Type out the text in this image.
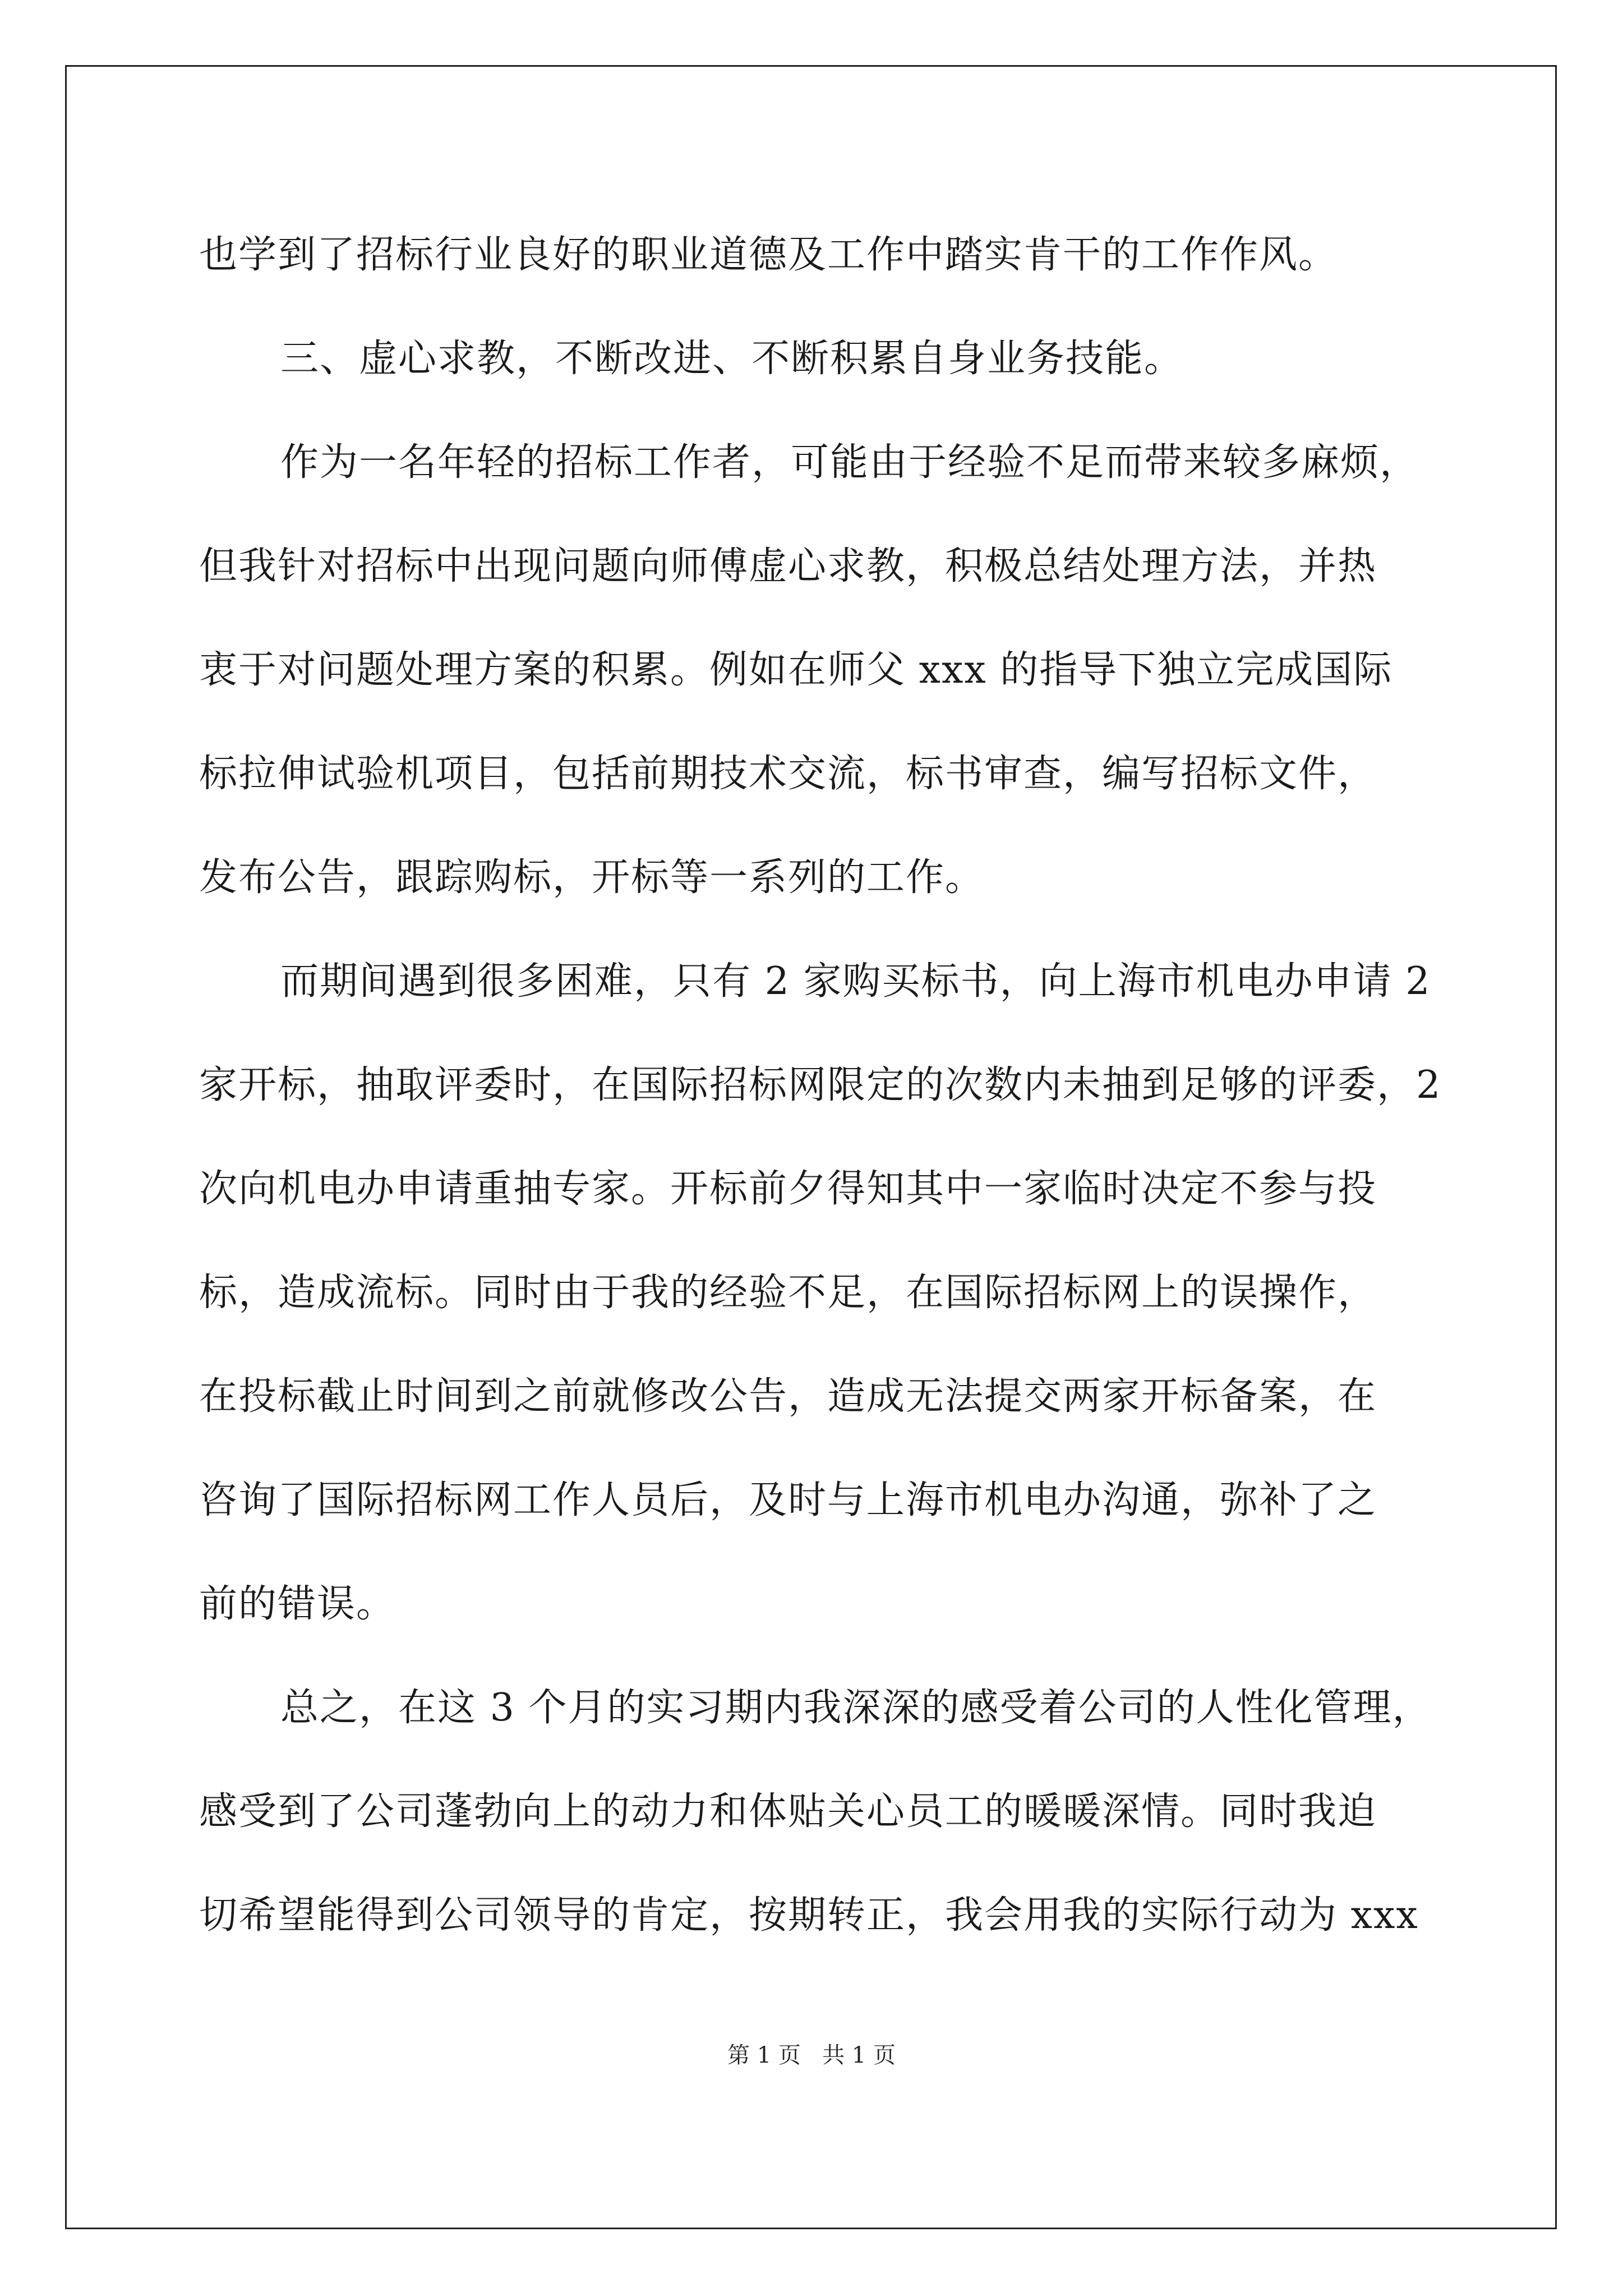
也学到了招标行业良好的职业道德及工作中踏实肯干的工作作风。
三、虚心求教，不断改进、不断积累自身业务技能。
作为一名年轻的招标工作者，可能由于经验不足而带来较多麻烦，
但我针对招标中出现问题向师傅虚心求教，积极总结处理方法，并热
衷于对问题处理方案的积累。例如在师父 xxx 的指导下独立完成国际
标拉伸试验机项目，包括前期技术交流，标书审查，编写招标文件，
发布公告，跟踪购标，开标等一系列的工作。
而期间遇到很多困难，只有 2 家购买标书，向上海市机电办申请 2
家开标，抽取评委时，在国际招标网限定的次数内未抽到足够的评委，2
次向机电办申请重抽专家。开标前夕得知其中一家临时决定不参与投
标，造成流标。同时由于我的经验不足，在国际招标网上的误操作，
在投标截止时间到之前就修改公告，造成无法提交两家开标备案，在
咨询了国际招标网工作人员后，及时与上海市机电办沟通，弥补了之
前的错误。
总之，在这 3 个月的实习期内我深深的感受着公司的人性化管理，
感受到了公司蓬勃向上的动力和体贴关心员工的暖暖深情。同时我迫
切希望能得到公司领导的肯定，按期转正，我会用我的实际行动为 xxx
第 1 页   共 1 页
